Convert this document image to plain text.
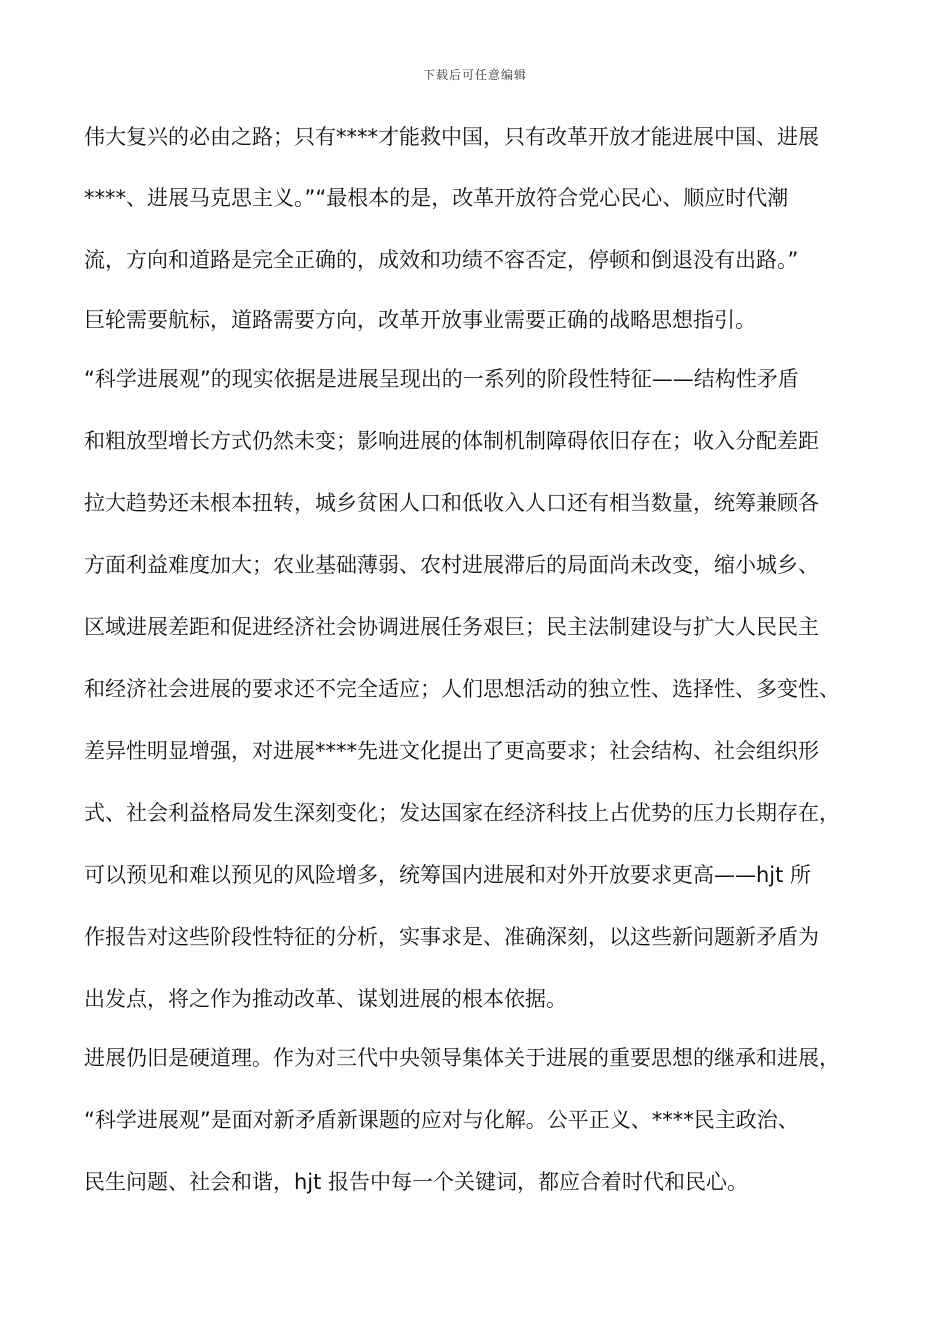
下载后可任意编辑
伟大复兴的必由之路；只有****才能救中国，只有改革开放才能进展中国、进展
****、进展马克思主义。”“最根本的是，改革开放符合党心民心、顺应时代潮
流，方向和道路是完全正确的，成效和功绩不容否定，停顿和倒退没有出路。”
巨轮需要航标，道路需要方向，改革开放事业需要正确的战略思想指引。
“科学进展观”的现实依据是进展呈现出的一系列的阶段性特征——结构性矛盾
和粗放型增长方式仍然未变；影响进展的体制机制障碍依旧存在；收入分配差距
拉大趋势还未根本扭转，城乡贫困人口和低收入人口还有相当数量，统筹兼顾各
方面利益难度加大；农业基础薄弱、农村进展滞后的局面尚未改变，缩小城乡、
区域进展差距和促进经济社会协调进展任务艰巨；民主法制建设与扩大人民民主
和经济社会进展的要求还不完全适应；人们思想活动的独立性、选择性、多变性、
差异性明显增强，对进展****先进文化提出了更高要求；社会结构、社会组织形
式、社会利益格局发生深刻变化；发达国家在经济科技上占优势的压力长期存在，
可以预见和难以预见的风险增多，统筹国内进展和对外开放要求更高——hjt 所
作报告对这些阶段性特征的分析，实事求是、准确深刻，以这些新问题新矛盾为
出发点，将之作为推动改革、谋划进展的根本依据。
进展仍旧是硬道理。作为对三代中央领导集体关于进展的重要思想的继承和进展，
“科学进展观”是面对新矛盾新课题的应对与化解。公平正义、****民主政治、
民生问题、社会和谐，hjt 报告中每一个关键词，都应合着时代和民心。
